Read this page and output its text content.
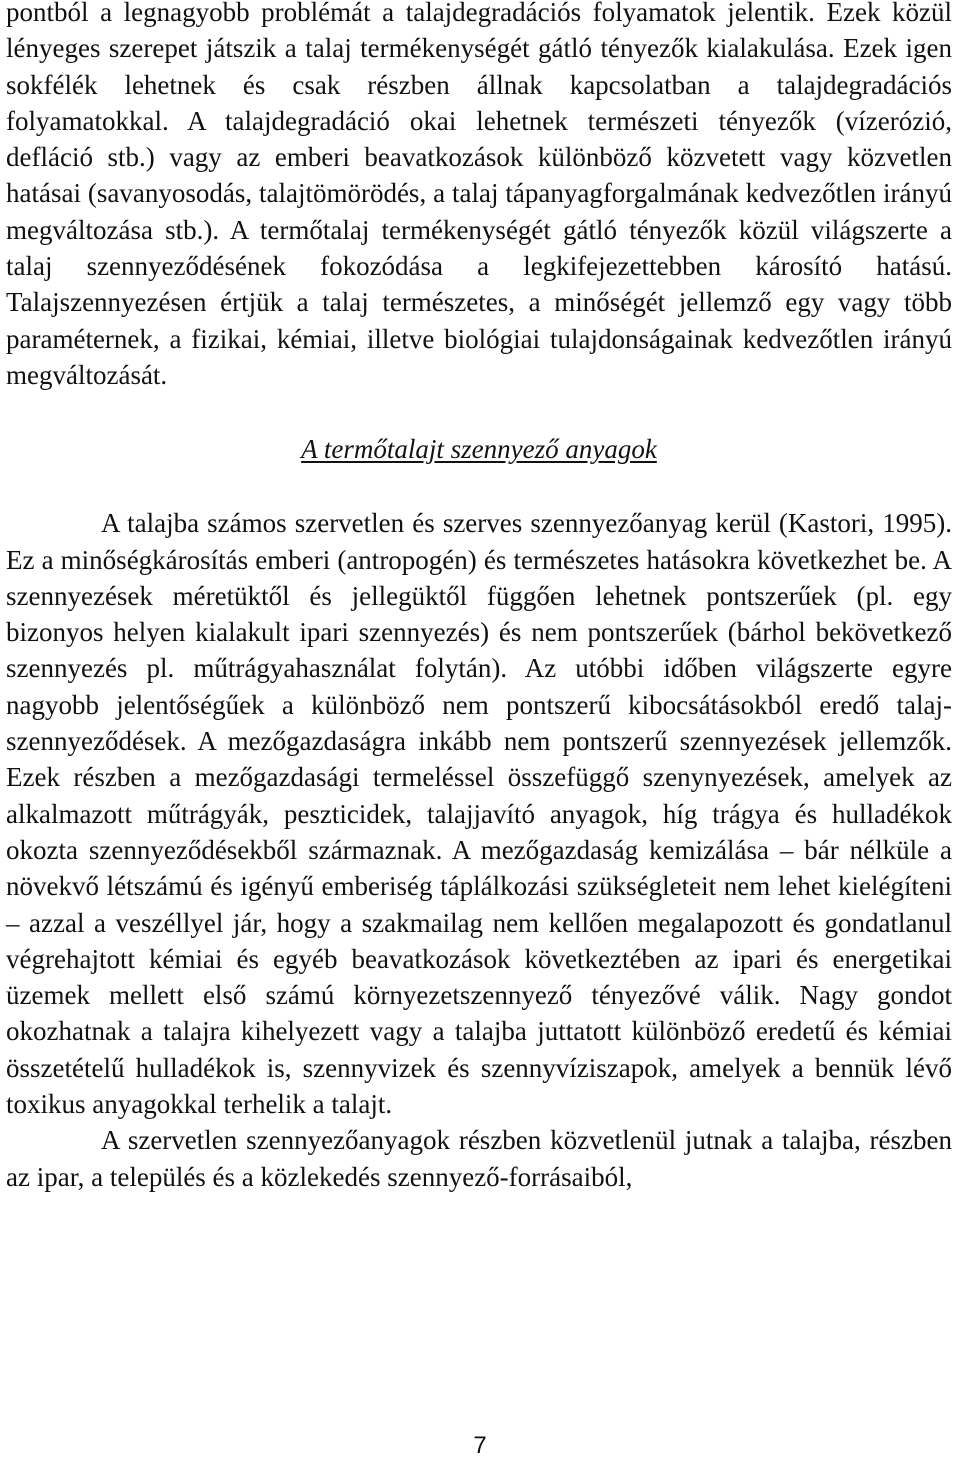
pontból a legnagyobb problémát a talajdegradációs folyamatok jelentik. Ezek közül lényeges szerepet játszik a talaj termékenységét gátló tényezők kialakulása. Ezek igen sokfélék lehetnek és csak részben állnak kapcsolatban a talajdegradációs folyamatokkal. A talajdegradáció okai lehetnek természeti tényezők (vízerózió, defláció stb.) vagy az emberi beavatkozások különböző közvetett vagy közvetlen hatásai (savanyosodás, talajtömörödés, a talaj tápanyagforgalmának kedvezőtlen irányú megváltozása stb.). A termőtalaj termékenységét gátló tényezők közül világszerte a talaj szennyeződésének fokozódása a legkifejezettebben károsító hatású. Talajszennyezésen értjük a talaj természetes, a minőségét jellemző egy vagy több paraméternek, a fizikai, kémiai, illetve biológiai tulajdonságainak kedvezőtlen irányú megváltozását.

A termőtalajt szennyező anyagok

A talajba számos szervetlen és szerves szennyezőanyag kerül (Kastori, 1995). Ez a minőségkárosítás emberi (antropogén) és természetes hatásokra következhet be. A szennyezések méretüktől és jellegüktől függően lehetnek pontszerűek (pl. egy bizonyos helyen kialakult ipari szennyezés) és nem pontszerűek (bárhol bekövetkező szennyezés pl. műtrágyahasználat folytán). Az utóbbi időben világszerte egyre nagyobb jelentőségűek a különböző nem pontszerű kibocsátásokból eredő talajszennyeződések. A mezőgazdaságra inkább nem pontszerű szennyezések jellemzők. Ezek részben a mezőgazdasági termeléssel összefüggő szenynyezések, amelyek az alkalmazott műtrágyák, peszticidek, talajjavító anyagok, híg trágya és hulladékok okozta szennyeződésekből származnak. A mezőgazdaság kemizálása – bár nélküle a növekvő létszámú és igényű emberiség táplálkozási szükségleteit nem lehet kielégíteni – azzal a veszéllyel jár, hogy a szakmailag nem kellően megalapozott és gondatlanul végrehajtott kémiai és egyéb beavatkozások következtében az ipari és energetikai üzemek mellett első számú környezetszennyező tényezővé válik. Nagy gondot okozhatnak a talajra kihelyezett vagy a talajba juttatott különböző eredetű és kémiai összetételű hulladékok is, szennyvizek és szennyvíziszapok, amelyek a bennük lévő toxikus anyagokkal terhelik a talajt.

A szervetlen szennyezőanyagok részben közvetlenül jutnak a talajba, részben az ipar, a település és a közlekedés szennyező-forrásaiból,

7
